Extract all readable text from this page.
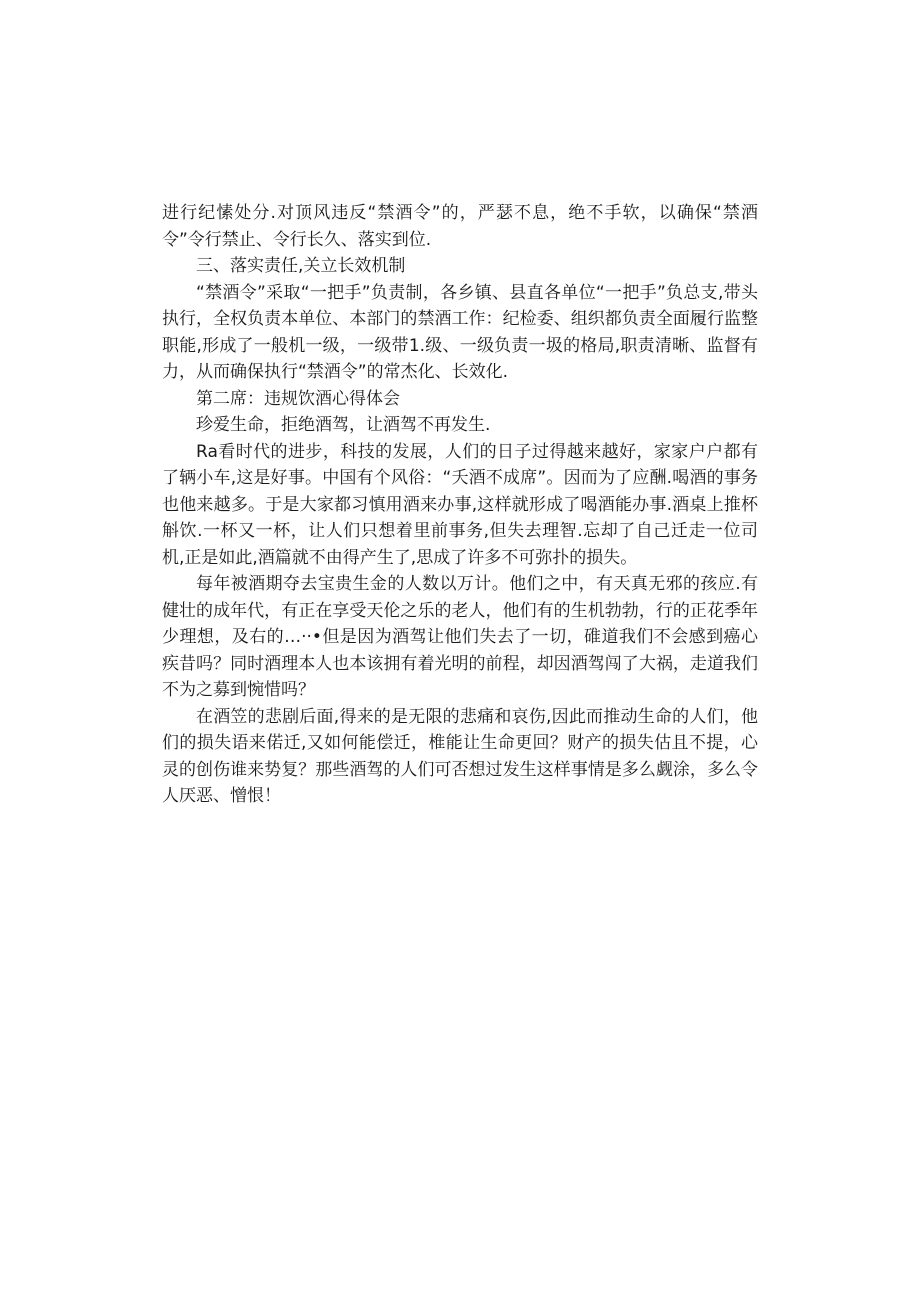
进行纪愫处分.对顶风违反“禁酒令”的，严瑟不息，绝不手软，以确保“禁酒令”令行禁止、令行长久、落实到位.

三、落实责任,关立长效机制

“禁酒令”采取“一把手”负责制，各乡镇、县直各单位“一把手”负总支,带头执行，全权负责本单位、本部门的禁酒工作：纪检委、组织都负责全面履行监整职能,形成了一般机一级，一级带1.级、一级负责一圾的格局,职责清晰、监督有力，从而确保执行“禁酒令”的常杰化、长效化.

第二席：违规饮酒心得体会

珍爱生命，拒绝酒驾，让酒驾不再发生.

Ra看时代的进步，科技的发展，人们的日子过得越来越好，家家户户都有了辆小车,这是好事。中国有个风俗：“夭酒不成席”。因而为了应酬.喝酒的事务也他来越多。于是大家都习慎用酒来办事,这样就形成了喝酒能办事.酒桌上推杯斛饮.一杯又一杯，让人们只想着里前事务,但失去理智.忘却了自己迁走一位司机,正是如此,酒篇就不由得产生了,思成了许多不可弥扑的损失。

每年被酒期夺去宝贵生金的人数以万计。他们之中，有天真无邪的孩应.有健壮的成年代，有正在享受天伦之乐的老人，他们有的生机勃勃，行的正花季年少理想，及右的…··•但是因为酒驾让他们失去了一切，碓道我们不会感到癌心疾昔吗？同时酒理本人也本该拥有着光明的前程，却因酒驾闯了大祸，走道我们不为之募到惋惜吗？

在酒笠的悲剧后面,得来的是无限的悲痛和哀伤,因此而推动生命的人们，他们的损失语来偌迁,又如何能偿迁，椎能让生命更回？财产的损失估且不提，心灵的创伤谁来势复？那些酒驾的人们可否想过发生这样事情是多么觑涂，多么令人厌恶、憎恨！
